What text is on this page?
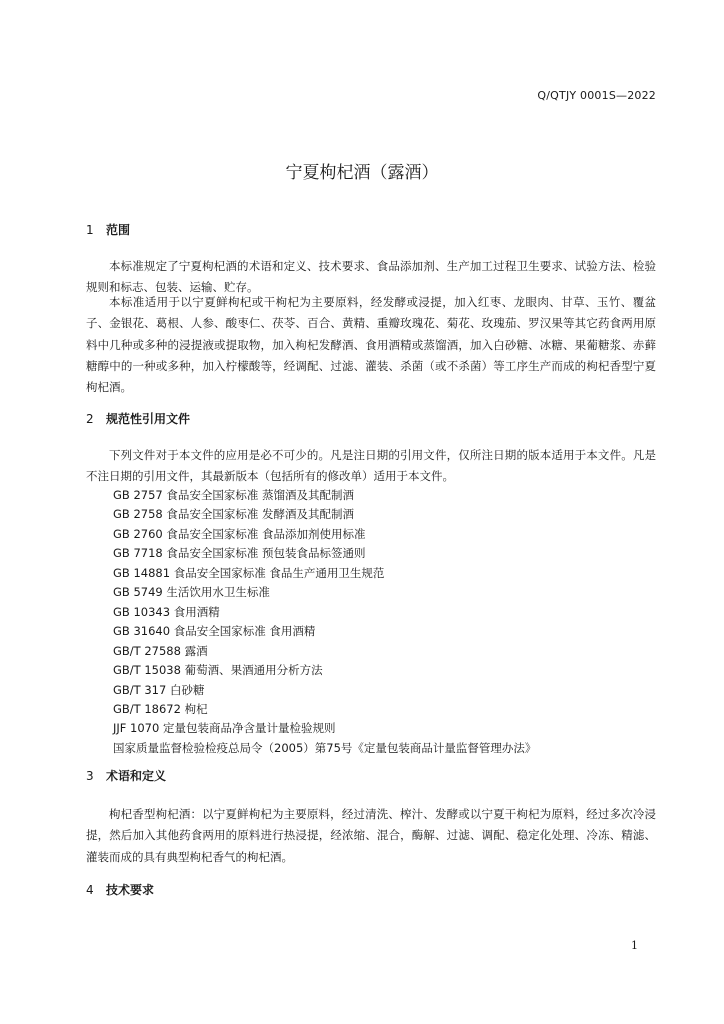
Q/QTJY 0001S—2022
宁夏枸杞酒（露酒）
1 范围

本标准规定了宁夏枸杞酒的术语和定义、技术要求、食品添加剂、生产加工过程卫生要求、试验方法、检验规则和标志、包装、运输、贮存。

本标准适用于以宁夏鲜枸杞或干枸杞为主要原料，经发酵或浸提，加入红枣、龙眼肉、甘草、玉竹、覆盆子、金银花、葛根、人参、酸枣仁、茯苓、百合、黄精、重瓣玫瑰花、菊花、玫瑰茄、罗汉果等其它药食两用原料中几种或多种的浸提液或提取物，加入枸杞发酵酒、食用酒精或蒸馏酒，加入白砂糖、冰糖、果葡糖浆、赤藓糖醇中的一种或多种，加入柠檬酸等，经调配、过滤、灌装、杀菌（或不杀菌）等工序生产而成的枸杞香型宁夏枸杞酒。

2 规范性引用文件

下列文件对于本文件的应用是必不可少的。凡是注日期的引用文件，仅所注日期的版本适用于本文件。凡是不注日期的引用文件，其最新版本（包括所有的修改单）适用于本文件。

GB 2757 食品安全国家标准 蒸馏酒及其配制酒
GB 2758 食品安全国家标准 发酵酒及其配制酒
GB 2760 食品安全国家标准 食品添加剂使用标准
GB 7718 食品安全国家标准 预包装食品标签通则
GB 14881 食品安全国家标准 食品生产通用卫生规范
GB 5749 生活饮用水卫生标准
GB 10343 食用酒精
GB 31640 食品安全国家标准 食用酒精
GB/T 27588 露酒
GB/T 15038 葡萄酒、果酒通用分析方法
GB/T 317 白砂糖
GB/T 18672 枸杞
JJF 1070 定量包装商品净含量计量检验规则
国家质量监督检验检疫总局令（2005）第75号《定量包装商品计量监督管理办法》
3 术语和定义

枸杞香型枸杞酒：以宁夏鲜枸杞为主要原料，经过清洗、榨汁、发酵或以宁夏干枸杞为原料，经过多次冷浸提，然后加入其他药食两用的原料进行热浸提，经浓缩、混合，酶解、过滤、调配、稳定化处理、冷冻、精滤、灌装而成的具有典型枸杞香气的枸杞酒。

4 技术要求
1
